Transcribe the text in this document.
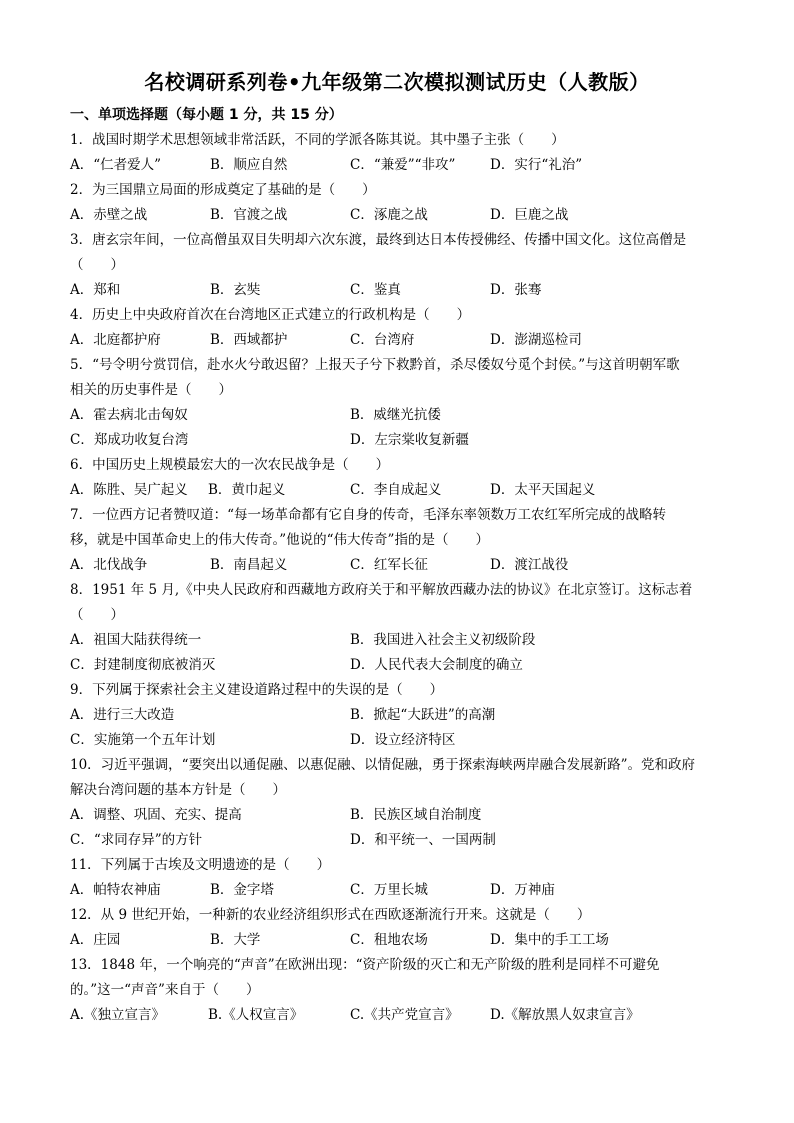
名校调研系列卷•九年级第二次模拟测试历史（人教版）
一、单项选择题（每小题 1 分，共 15 分）
1．战国时期学术思想领域非常活跃，不同的学派各陈其说。其中墨子主张（　　）
A．“仁者爱人”	B．顺应自然	C．“兼爱”“非攻”	D．实行“礼治”
2．为三国鼎立局面的形成奠定了基础的是（　　）
A．赤壁之战	B．官渡之战	C．涿鹿之战	D．巨鹿之战
3．唐玄宗年间，一位高僧虽双目失明却六次东渡，最终到达日本传授佛经、传播中国文化。这位高僧是
（　　）
A．郑和	B．玄奘	C．鉴真	D．张骞
4．历史上中央政府首次在台湾地区正式建立的行政机构是（　　）
A．北庭都护府	B．西域都护	C．台湾府	D．澎湖巡检司
5．“号令明兮赏罚信，赴水火兮敢迟留？上报天子兮下救黔首，杀尽倭奴兮觅个封侯。”与这首明朝军歌
相关的历史事件是（　　）
A．霍去病北击匈奴	B．威继光抗倭
C．郑成功收复台湾	D．左宗棠收复新疆
6．中国历史上规模最宏大的一次农民战争是（　　）
A．陈胜、吴广起义	B．黄巾起义	C．李自成起义	D．太平天国起义
7．一位西方记者赞叹道：“每一场革命都有它自身的传奇，毛泽东率领数万工农红军所完成的战略转
移，就是中国革命史上的伟大传奇。”他说的“伟大传奇”指的是（　　）
A．北伐战争	B．南昌起义	C．红军长征	D．渡江战役
8．1951 年 5 月,《中央人民政府和西藏地方政府关于和平解放西藏办法的协议》在北京签订。这标志着
（　　）
A．祖国大陆获得统一	B．我国进入社会主义初级阶段
C．封建制度彻底被消灭	D．人民代表大会制度的确立
9．下列属于探索社会主义建设道路过程中的失误的是（　　）
A．进行三大改造	B．掀起“大跃进”的高潮
C．实施第一个五年计划	D．设立经济特区
10．习近平强调，“要突出以通促融、以惠促融、以情促融，勇于探索海峡两岸融合发展新路”。党和政府
解决台湾问题的基本方针是（　　）
A．调整、巩固、充实、提高	B．民族区域自治制度
C．“求同存异”的方针	D．和平统一、一国两制
11．下列属于古埃及文明遗迹的是（　　）
A．帕特农神庙	B．金字塔	C．万里长城	D．万神庙
12．从 9 世纪开始，一种新的农业经济组织形式在西欧逐渐流行开来。这就是（　　）
A．庄园	B．大学	C．租地农场	D．集中的手工工场
13．1848 年，一个响亮的“声音”在欧洲出现：“资产阶级的灭亡和无产阶级的胜利是同样不可避免
的。”这一“声音”来自于（　　）
A.《独立宣言》	B.《人权宣言》	C.《共产党宣言》	D.《解放黑人奴隶宣言》
